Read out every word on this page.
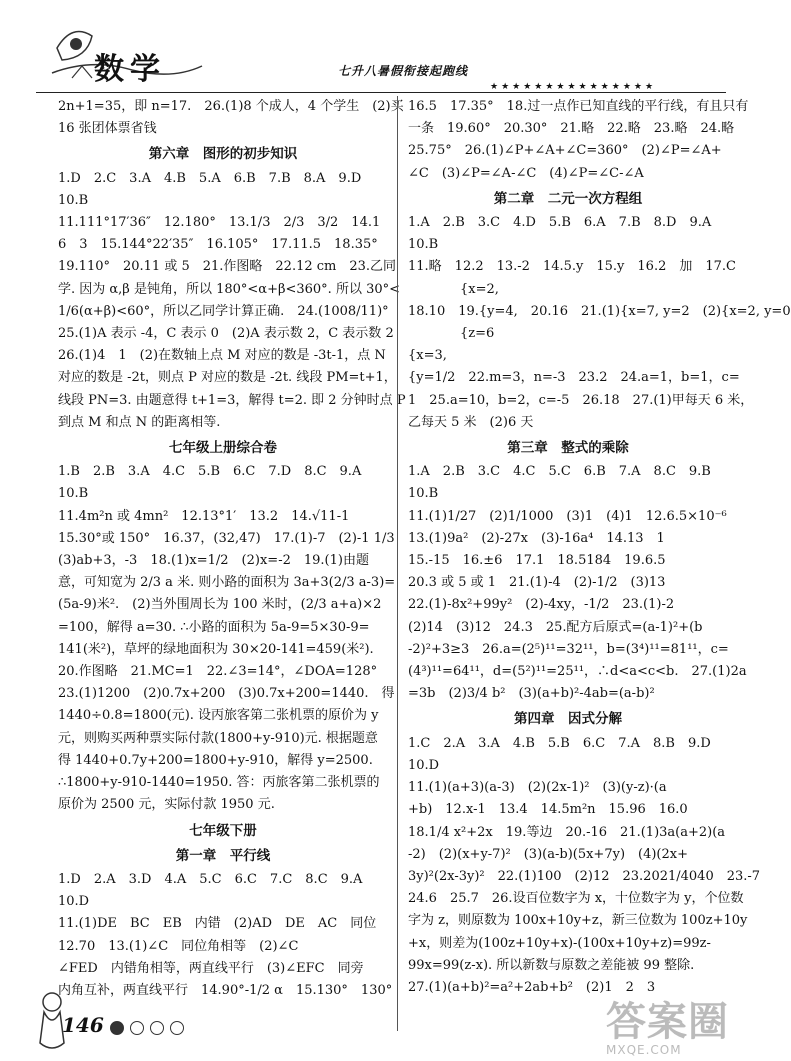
数学	七升八暑假衔接起跑线
★★★★★★★★★★★★★★★
2n+1=35，即 n=17.　26.(1)8 个成人，4 个学生　(2)买
16 张团体票省钱
第六章　图形的初步知识
1.D　2.C　3.A　4.B　5.A　6.B　7.B　8.A　9.D
10.B
11.111°17′36″　12.180°　13.1/3　2/3　3/2　14.1
6　3　15.144°22′35″　16.105°　17.11.5　18.35°
19.110°　20.11 或 5　21.作图略　22.12 cm　23.乙同
学. 因为 α,β 是钝角，所以 180°<α+β<360°. 所以 30°<
1/6(α+β)<60°，所以乙同学计算正确.　24.(1008/11)°
25.(1)A 表示 -4，C 表示 0　(2)A 表示数 2，C 表示数 2
26.(1)4　1　(2)在数轴上点 M 对应的数是 -3t-1，点 N
对应的数是 -2t，则点 P 对应的数是 -2t. 线段 PM=t+1，
线段 PN=3. 由题意得 t+1=3，解得 t=2. 即 2 分钟时点 P
到点 M 和点 N 的距离相等.
七年级上册综合卷
1.B　2.B　3.A　4.C　5.B　6.C　7.D　8.C　9.A
10.B
11.4m²n 或 4mn²　12.13°1′　13.2　14.√11-1
15.30°或 150°　16.37，(32,47)　17.(1)-7　(2)-1 1/3
(3)ab+3，-3　18.(1)x=1/2　(2)x=-2　19.(1)由题
意，可知宽为 2/3 a 米. 则小路的面积为 3a+3(2/3 a-3)=
(5a-9)米².　(2)当外围周长为 100 米时，(2/3 a+a)×2
=100，解得 a=30. ∴小路的面积为 5a-9=5×30-9=
141(米²)，草坪的绿地面积为 30×20-141=459(米²).
20.作图略　21.MC=1　22.∠3=14°，∠DOA=128°
23.(1)1200　(2)0.7x+200　(3)0.7x+200=1440.　得
1440÷0.8=1800(元). 设丙旅客第二张机票的原价为 y
元，则购买两种票实际付款(1800+y-910)元. 根据题意
得 1440+0.7y+200=1800+y-910，解得 y=2500.
∴1800+y-910-1440=1950. 答：丙旅客第二张机票的
原价为 2500 元，实际付款 1950 元.
七年级下册
第一章　平行线
1.D　2.A　3.D　4.A　5.C　6.C　7.C　8.C　9.A
10.D
11.(1)DE　BC　EB　内错　(2)AD　DE　AC　同位
12.70　13.(1)∠C　同位角相等　(2)∠C
∠FED　内错角相等，两直线平行　(3)∠EFC　同旁
内角互补，两直线平行　14.90°-1/2 α　15.130°　130°
16.5　17.35°　18.过一点作已知直线的平行线，有且只有
一条　19.60°　20.30°　21.略　22.略　23.略　24.略
25.75°　26.(1)∠P+∠A+∠C=360°　(2)∠P=∠A+
∠C　(3)∠P=∠A-∠C　(4)∠P=∠C-∠A
第二章　二元一次方程组
1.A　2.B　3.C　4.D　5.B　6.A　7.B　8.D　9.A
10.B
11.略　12.2　13.-2　14.5.y　15.y　16.2　加　17.C
　　　　{x=2,
18.10　19.{y=4,　20.16　21.(1){x=7, y=2　(2){x=2, y=0
　　　　{z=6
{x=3,
{y=1/2　22.m=3，n=-3　23.2　24.a=1，b=1，c=
1　25.a=10，b=2，c=-5　26.18　27.(1)甲每天 6 米，
乙每天 5 米　(2)6 天
第三章　整式的乘除
1.A　2.B　3.C　4.C　5.C　6.B　7.A　8.C　9.B
10.B
11.(1)1/27　(2)1/1000　(3)1　(4)1　12.6.5×10⁻⁶
13.(1)9a²　(2)-27x　(3)-16a⁴　14.13　1
15.-15　16.±6　17.1　18.5184　19.6.5
20.3 或 5 或 1　21.(1)-4　(2)-1/2　(3)13
22.(1)-8x²+99y²　(2)-4xy，-1/2　23.(1)-2
(2)14　(3)12　24.3　25.配方后原式=(a-1)²+(b
-2)²+3≥3　26.a=(2⁵)¹¹=32¹¹，b=(3⁴)¹¹=81¹¹，c=
(4³)¹¹=64¹¹，d=(5²)¹¹=25¹¹，∴d<a<c<b.　27.(1)2a
=3b　(2)3/4 b²　(3)(a+b)²-4ab=(a-b)²
第四章　因式分解
1.C　2.A　3.A　4.B　5.B　6.C　7.A　8.B　9.D
10.D
11.(1)(a+3)(a-3)　(2)(2x-1)²　(3)(y-z)·(a
+b)　12.x-1　13.4　14.5m²n　15.96　16.0
18.1/4 x²+2x　19.等边　20.-16　21.(1)3a(a+2)(a
-2)　(2)(x+y-7)²　(3)(a-b)(5x+7y)　(4)(2x+
3y)²(2x-3y)²　22.(1)100　(2)12　23.2021/4040　23.-7
24.6　25.7　26.设百位数字为 x，十位数字为 y，个位数
字为 z，则原数为 100x+10y+z，新三位数为 100z+10y
+x，则差为(100z+10y+x)-(100x+10y+z)=99z-
99x=99(z-x). 所以新数与原数之差能被 99 整除.
27.(1)(a+b)²=a²+2ab+b²　(2)1　2　3
146	答案圈
MXQE.COM
